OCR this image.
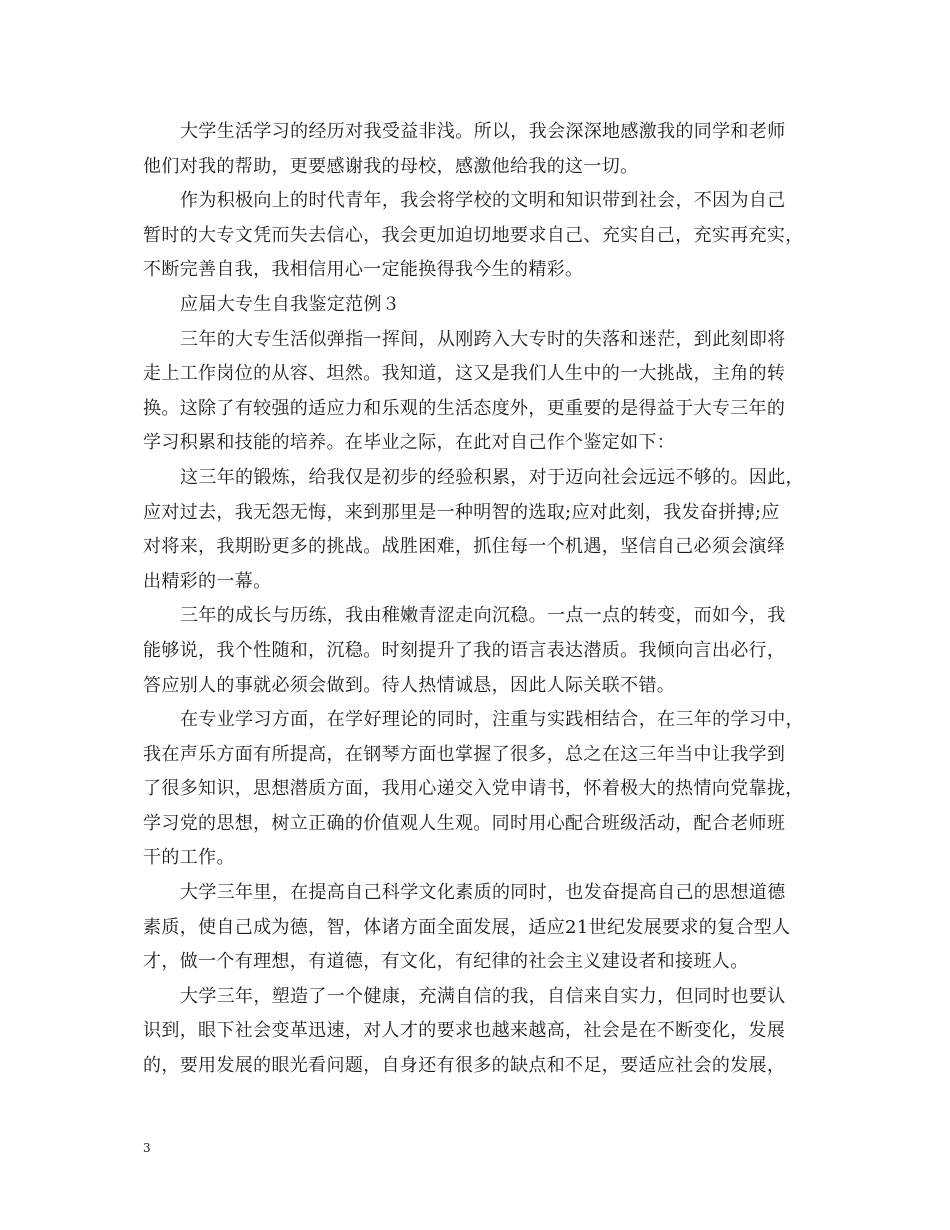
大学生活学习的经历对我受益非浅。所以，我会深深地感激我的同学和老师
他们对我的帮助，更要感谢我的母校，感激他给我的这一切。
作为积极向上的时代青年，我会将学校的文明和知识带到社会，不因为自己
暂时的大专文凭而失去信心，我会更加迫切地要求自己、充实自己，充实再充实，
不断完善自我，我相信用心一定能换得我今生的精彩。
应届大专生自我鉴定范例３
三年的大专生活似弹指一挥间，从刚跨入大专时的失落和迷茫，到此刻即将
走上工作岗位的从容、坦然。我知道，这又是我们人生中的一大挑战，主角的转
换。这除了有较强的适应力和乐观的生活态度外，更重要的是得益于大专三年的
学习积累和技能的培养。在毕业之际，在此对自己作个鉴定如下：
这三年的锻炼，给我仅是初步的经验积累，对于迈向社会远远不够的。因此，
应对过去，我无怨无悔，来到那里是一种明智的选取;应对此刻，我发奋拼搏;应
对将来，我期盼更多的挑战。战胜困难，抓住每一个机遇，坚信自己必须会演绎
出精彩的一幕。
三年的成长与历练，我由稚嫩青涩走向沉稳。一点一点的转变，而如今，我
能够说，我个性随和，沉稳。时刻提升了我的语言表达潜质。我倾向言出必行，
答应别人的事就必须会做到。待人热情诚恳，因此人际关联不错。
在专业学习方面，在学好理论的同时，注重与实践相结合，在三年的学习中，
我在声乐方面有所提高，在钢琴方面也掌握了很多，总之在这三年当中让我学到
了很多知识，思想潜质方面，我用心递交入党申请书，怀着极大的热情向党靠拢，
学习党的思想，树立正确的价值观人生观。同时用心配合班级活动，配合老师班
干的工作。
大学三年里，在提高自己科学文化素质的同时，也发奋提高自己的思想道德
素质，使自己成为德，智，体诸方面全面发展，适应21世纪发展要求的复合型人
才，做一个有理想，有道德，有文化，有纪律的社会主义建设者和接班人。
大学三年，塑造了一个健康，充满自信的我，自信来自实力，但同时也要认
识到，眼下社会变革迅速，对人才的要求也越来越高，社会是在不断变化，发展
的，要用发展的眼光看问题，自身还有很多的缺点和不足，要适应社会的发展，
3
